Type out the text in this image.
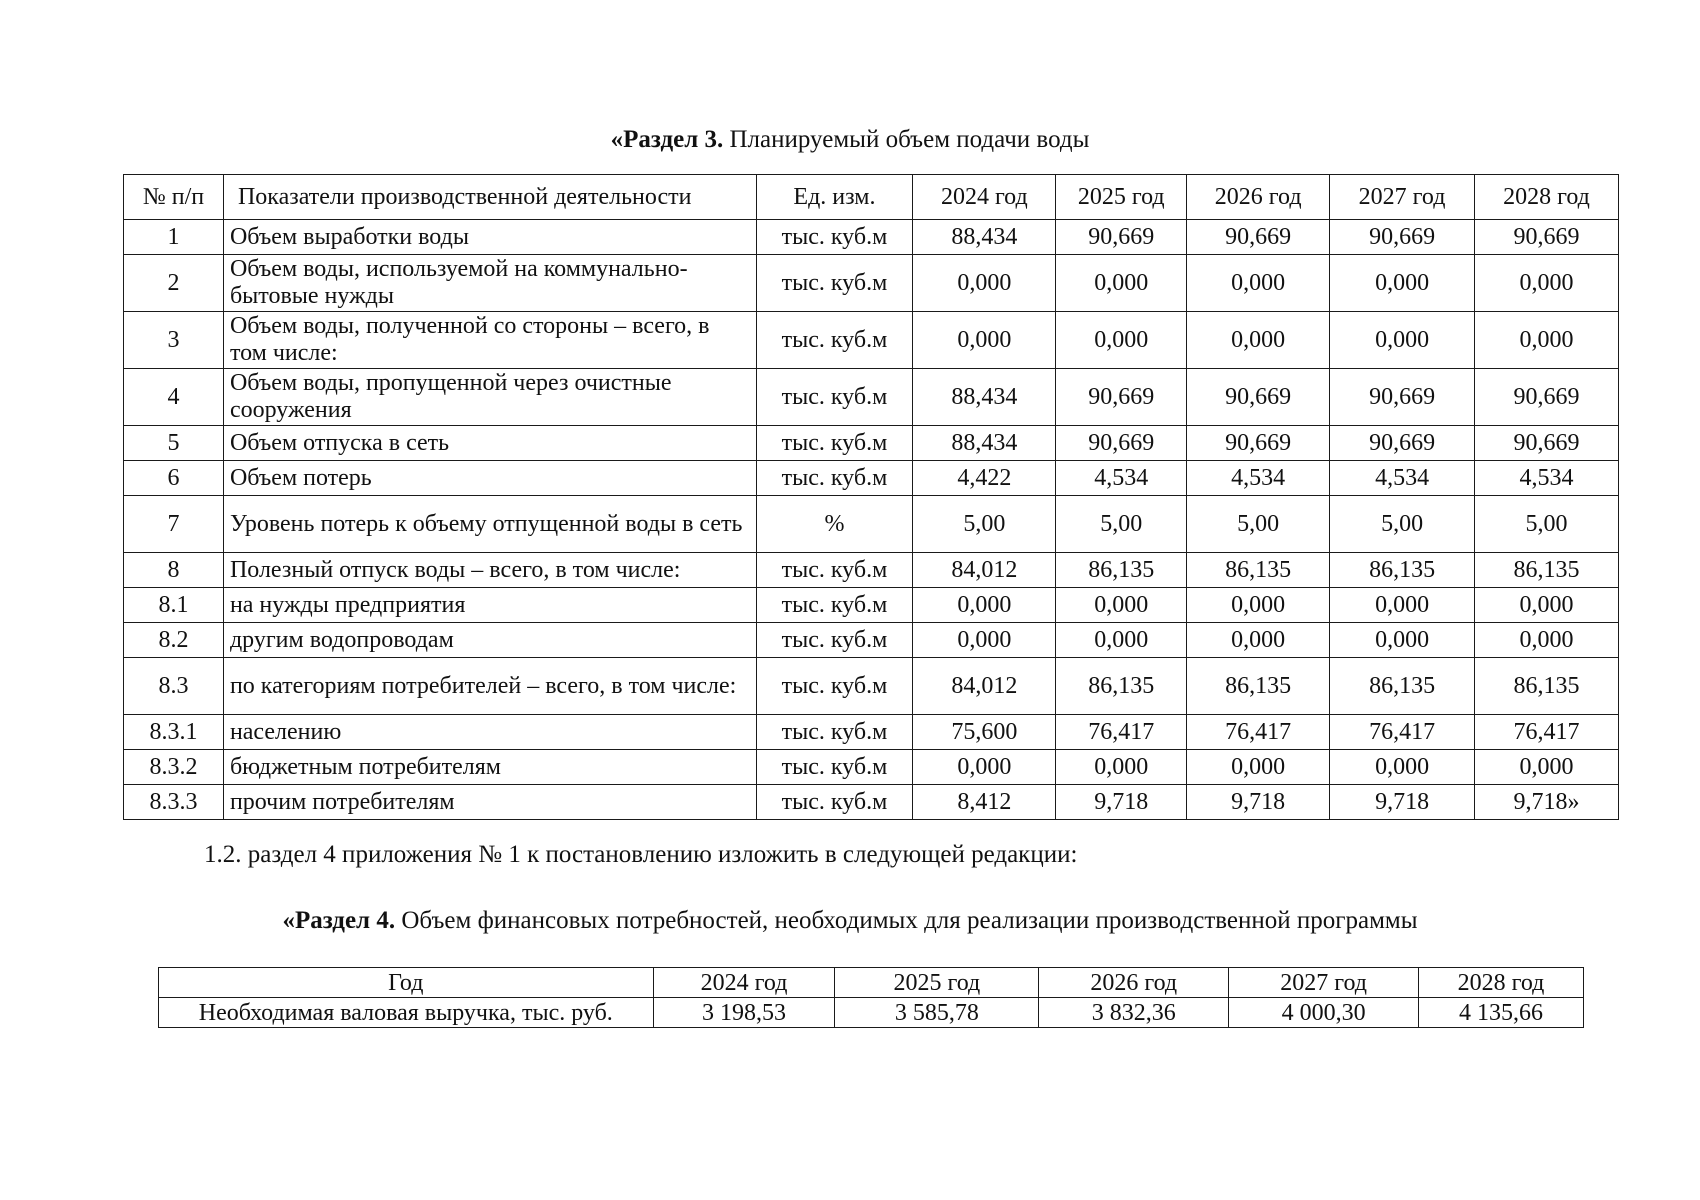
«Раздел 3. Планируемый объем подачи воды
№ п/п	Показатели производственной деятельности	Ед. изм.	2024 год	2025 год	2026 год	2027 год	2028 год
1	Объем выработки воды	тыс. куб.м	88,434	90,669	90,669	90,669	90,669
2	Объем воды, используемой на коммунально-бытовые нужды	тыс. куб.м	0,000	0,000	0,000	0,000	0,000
3	Объем воды, полученной со стороны – всего, в том числе:	тыс. куб.м	0,000	0,000	0,000	0,000	0,000
4	Объем воды, пропущенной через очистные сооружения	тыс. куб.м	88,434	90,669	90,669	90,669	90,669
5	Объем отпуска в сеть	тыс. куб.м	88,434	90,669	90,669	90,669	90,669
6	Объем потерь	тыс. куб.м	4,422	4,534	4,534	4,534	4,534
7	Уровень потерь к объему отпущенной воды в сеть	%	5,00	5,00	5,00	5,00	5,00
8	Полезный отпуск воды – всего, в том числе:	тыс. куб.м	84,012	86,135	86,135	86,135	86,135
8.1	на нужды предприятия	тыс. куб.м	0,000	0,000	0,000	0,000	0,000
8.2	другим водопроводам	тыс. куб.м	0,000	0,000	0,000	0,000	0,000
8.3	по категориям потребителей – всего, в том числе:	тыс. куб.м	84,012	86,135	86,135	86,135	86,135
8.3.1	населению	тыс. куб.м	75,600	76,417	76,417	76,417	76,417
8.3.2	бюджетным потребителям	тыс. куб.м	0,000	0,000	0,000	0,000	0,000
8.3.3	прочим потребителям	тыс. куб.м	8,412	9,718	9,718	9,718	9,718»

1.2. раздел 4 приложения № 1 к постановлению изложить в следующей редакции:

«Раздел 4. Объем финансовых потребностей, необходимых для реализации производственной программы
Год	2024 год	2025 год	2026 год	2027 год	2028 год
Необходимая валовая выручка, тыс. руб.	3 198,53	3 585,78	3 832,36	4 000,30	4 135,66
